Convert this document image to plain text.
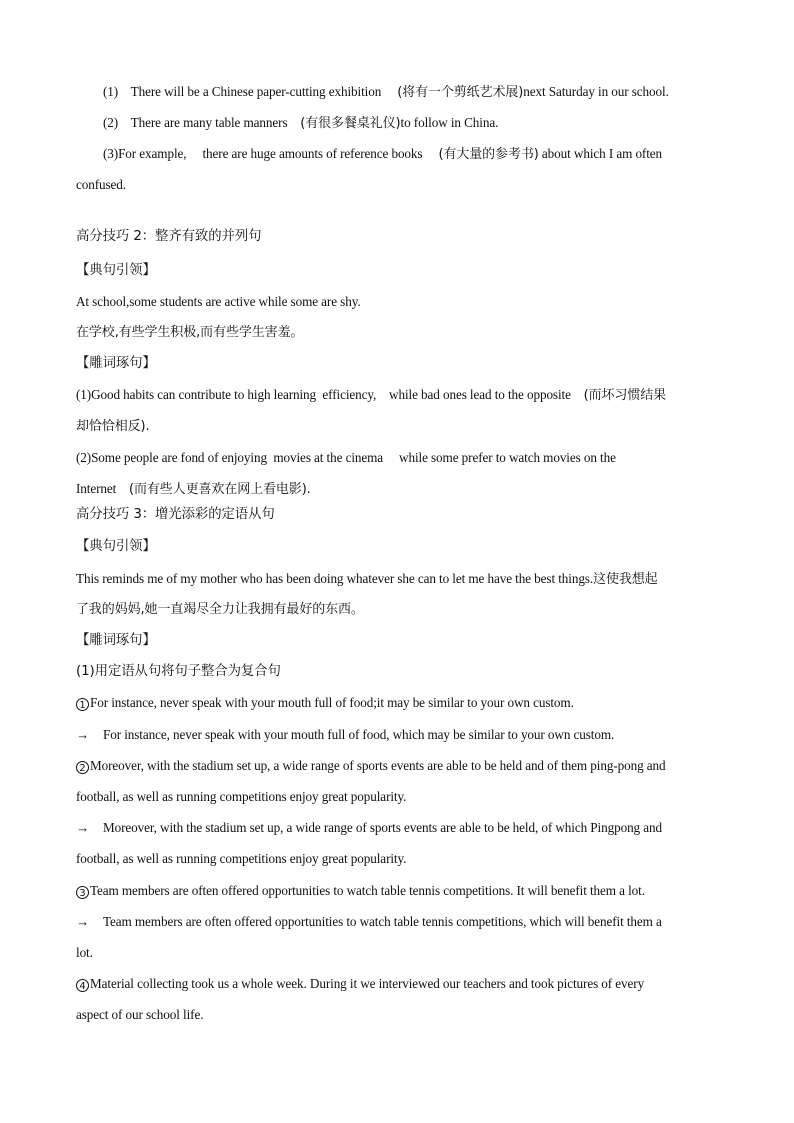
(1) There will be a Chinese paper-cutting exhibition (将有一个剪纸艺术展)next Saturday in our school.
(2) There are many table manners (有很多餐桌礼仪)to follow in China.
(3)For example, there are huge amounts of reference books (有大量的参考书) about which I am often
confused.
高分技巧 2：整齐有致的并列句
【典句引领】
At school,some students are active while some are shy.
在学校,有些学生积极,而有些学生害羞。
【雕词琢句】
(1)Good habits can contribute to high learning  efficiency,    while bad ones lead to the opposite (而坏习惯结果
却恰恰相反).
(2)Some people are fond of enjoying  movies at the cinema     while some prefer to watch movies on the
Internet (而有些人更喜欢在网上看电影).
高分技巧 3：增光添彩的定语从句
【典句引领】
This reminds me of my mother who has been doing whatever she can to let me have the best things.这使我想起
了我的妈妈,她一直竭尽全力让我拥有最好的东西。
【雕词琢句】
(1)用定语从句将句子整合为复合句
1 For instance, never speak with your mouth full of food;it may be similar to your own custom.
→ For instance, never speak with your mouth full of food, which may be similar to your own custom.
2 Moreover, with the stadium set up, a wide range of sports events are able to be held and of them ping-pong and
football, as well as running competitions enjoy great popularity.
→ Moreover, with the stadium set up, a wide range of sports events are able to be held, of which Pingpong and
football, as well as running competitions enjoy great popularity.
3 Team members are often offered opportunities to watch table tennis competitions. It will benefit them a lot.
→ Team members are often offered opportunities to watch table tennis competitions, which will benefit them a
lot.
4 Material collecting took us a whole week. During it we interviewed our teachers and took pictures of every
aspect of our school life.
